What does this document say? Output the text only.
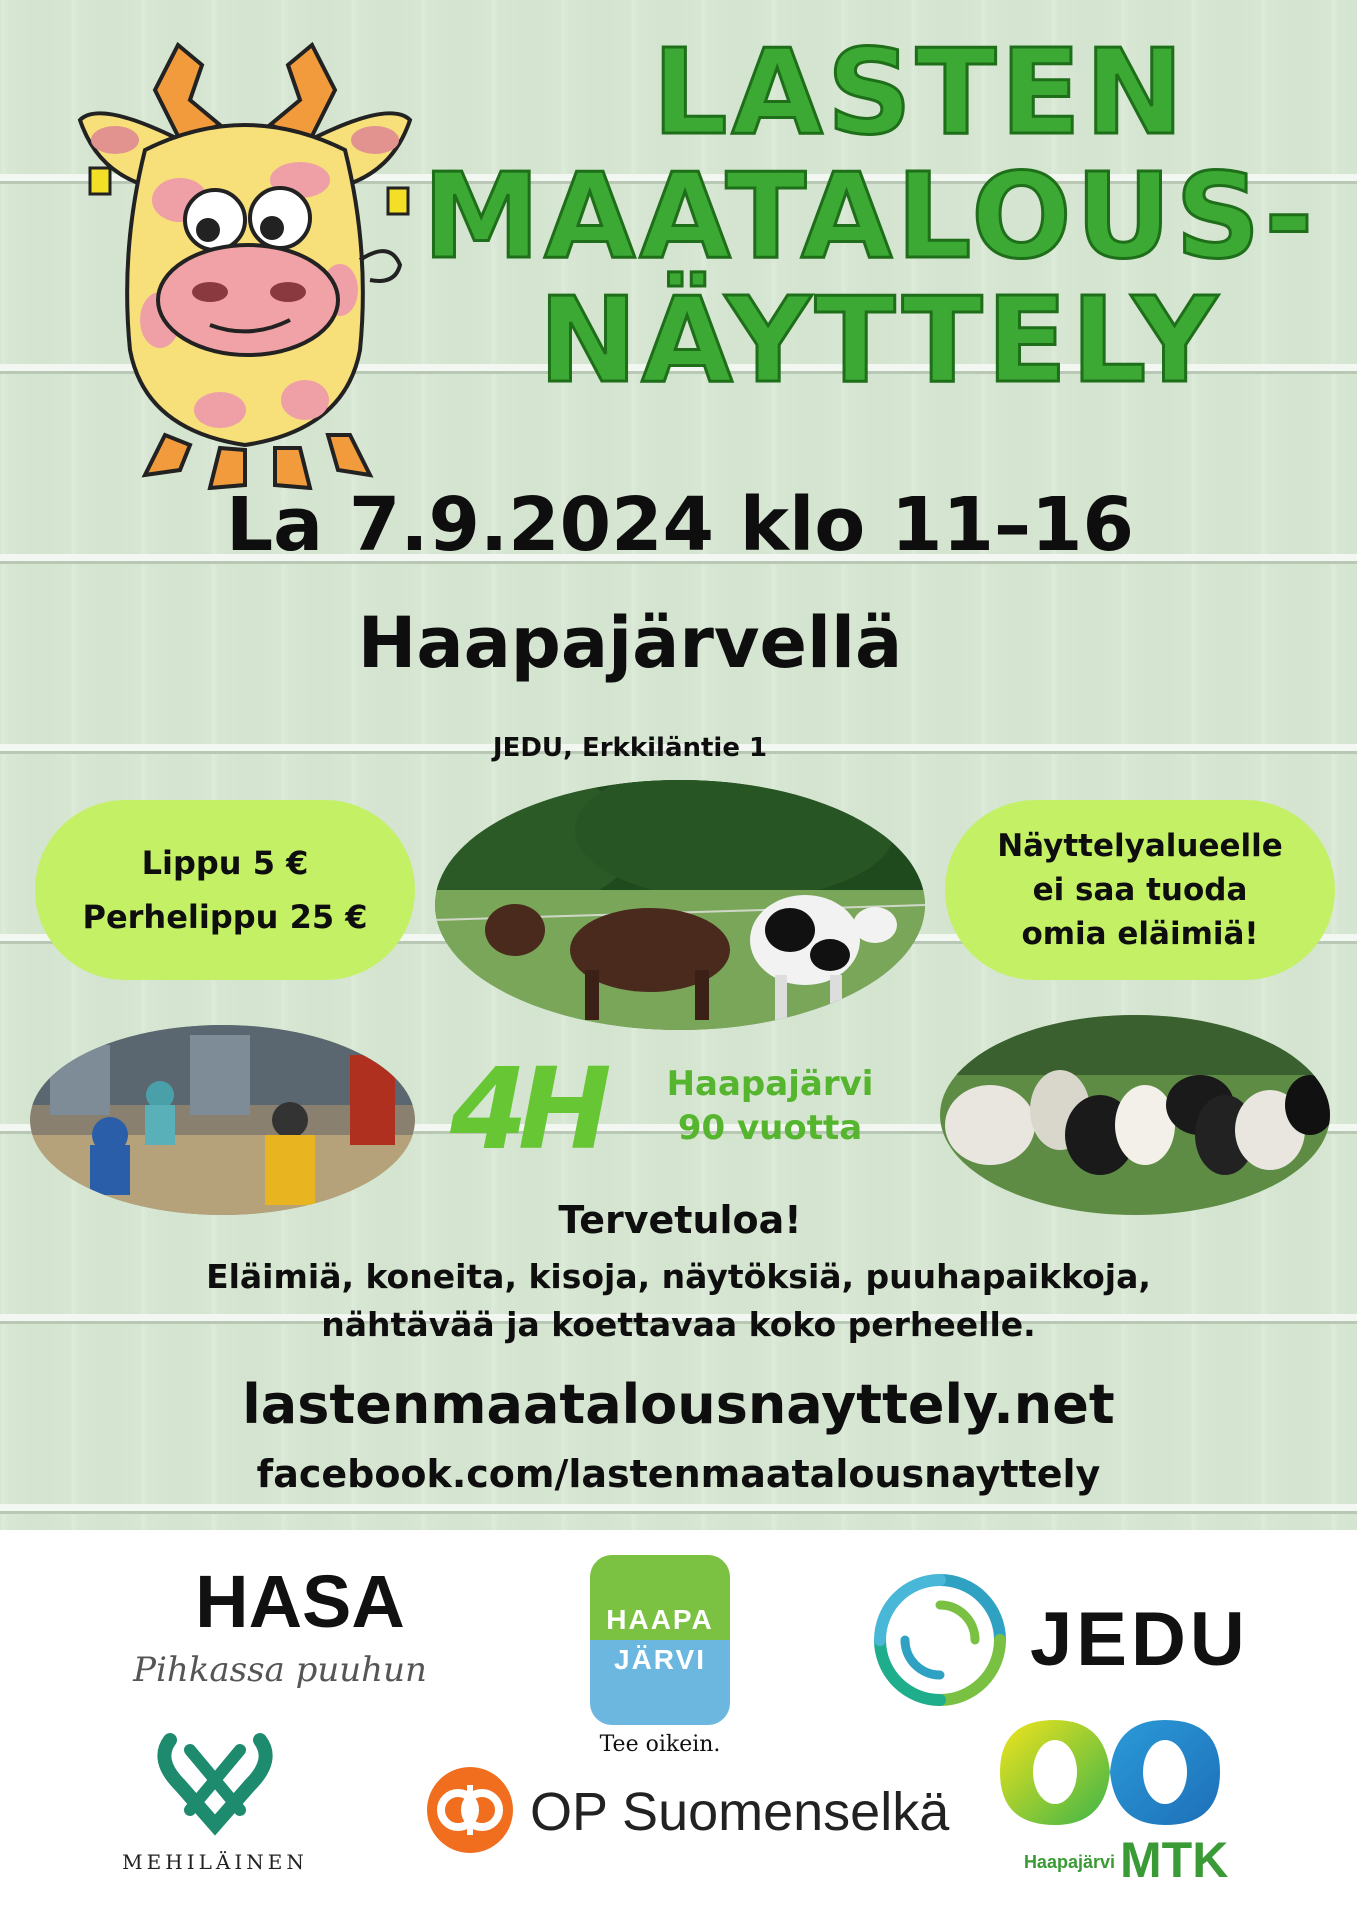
LASTEN
MAATALOUS-
NÄYTTELY
La 7.9.2024 klo 11–16
Haapajärvellä
JEDU, Erkkiläntie 1
Lippu 5 €
Perhelippu 25 €
Näyttelyalueelle
ei saa tuoda
omia eläimiä!
4H	Haapajärvi
90 vuotta
Tervetuloa!
Eläimiä, koneita, kisoja, näytöksiä, puuhapaikkoja,
nähtävää ja koettavaa koko perheelle.
lastenmaatalousnayttely.net
facebook.com/lastenmaatalousnayttely
HASA
Pihkassa puuhun
HAAPA
JÄRVI
Tee oikein.
JEDU
MEHILÄINEN
OP Suomenselkä
Haapajärvi MTK
